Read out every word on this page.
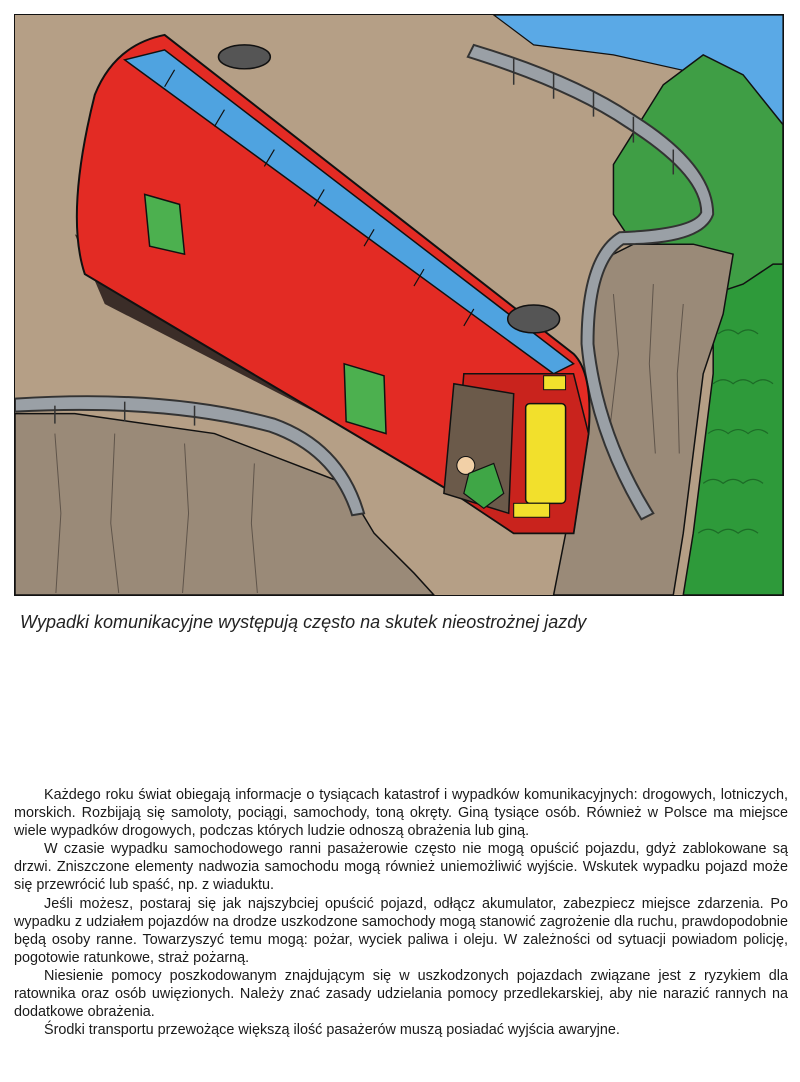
Wypadki komunikacyjne występują często na skutek nieostrożnej jazdy

Każdego roku świat obiegają informacje o tysiącach katastrof i wypadków komunikacyjnych: drogowych, lotniczych, morskich. Rozbijają się samoloty, pociągi, samochody, toną okręty. Giną tysiące osób. Również w Polsce ma miejsce wiele wypadków drogowych, podczas których ludzie odnoszą obrażenia lub giną.

W czasie wypadku samochodowego ranni pasażerowie często nie mogą opuścić pojazdu, gdyż zablokowane są drzwi. Zniszczone elementy nadwozia samochodu mogą również uniemożliwić wyjście. Wskutek wypadku pojazd może się przewrócić lub spaść, np. z wiaduktu.

Jeśli możesz, postaraj się jak najszybciej opuścić pojazd, odłącz akumulator, zabezpiecz miejsce zdarzenia. Po wypadku z udziałem pojazdów na drodze uszkodzone samochody mogą stanowić zagrożenie dla ruchu, prawdopodobnie będą osoby ranne. Towarzyszyć temu mogą: pożar, wyciek paliwa i oleju. W zależności od sytuacji powiadom policję, pogotowie ratunkowe, straż pożarną.

Niesienie pomocy poszkodowanym znajdującym się w uszkodzonych pojazdach związane jest z ryzykiem dla ratownika oraz osób uwięzionych. Należy znać zasady udzielania pomocy przedlekarskiej, aby nie narazić rannych na dodatkowe obrażenia.

Środki transportu przewożące większą ilość pasażerów muszą posiadać wyjścia awaryjne.
